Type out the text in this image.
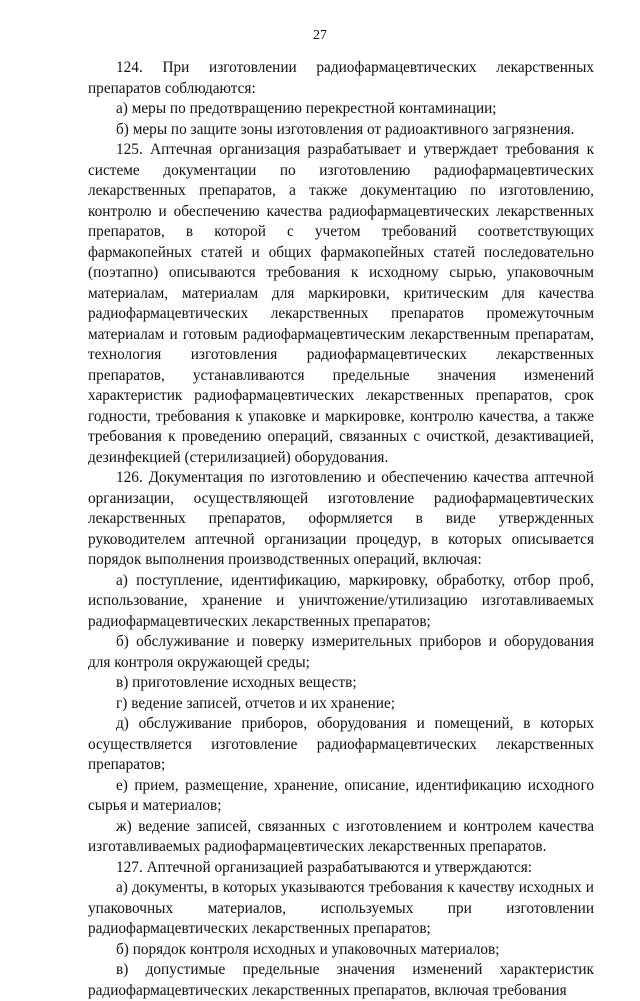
27

124. При изготовлении радиофармацевтических лекарственных препаратов соблюдаются:

а) меры по предотвращению перекрестной контаминации;

б) меры по защите зоны изготовления от радиоактивного загрязнения.

125. Аптечная организация разрабатывает и утверждает требования к системе документации по изготовлению радиофармацевтических лекарственных препаратов, а также документацию по изготовлению, контролю и обеспечению качества радиофармацевтических лекарственных препаратов, в которой с учетом требований соответствующих фармакопейных статей и общих фармакопейных статей последовательно (поэтапно) описываются требования к исходному сырью, упаковочным материалам, материалам для маркировки, критическим для качества радиофармацевтических лекарственных препаратов промежуточным материалам и готовым радиофармацевтическим лекарственным препаратам, технология изготовления радиофармацевтических лекарственных препаратов, устанавливаются предельные значения изменений характеристик радиофармацевтических лекарственных препаратов, срок годности, требования к упаковке и маркировке, контролю качества, а также требования к проведению операций, связанных с очисткой, дезактивацией, дезинфекцией (стерилизацией) оборудования.

126. Документация по изготовлению и обеспечению качества аптечной организации, осуществляющей изготовление радиофармацевтических лекарственных препаратов, оформляется в виде утвержденных руководителем аптечной организации процедур, в которых описывается порядок выполнения производственных операций, включая:

а) поступление, идентификацию, маркировку, обработку, отбор проб, использование, хранение и уничтожение/утилизацию изготавливаемых радиофармацевтических лекарственных препаратов;

б) обслуживание и поверку измерительных приборов и оборудования для контроля окружающей среды;

в) приготовление исходных веществ;

г) ведение записей, отчетов и их хранение;

д) обслуживание приборов, оборудования и помещений, в которых осуществляется изготовление радиофармацевтических лекарственных препаратов;

е) прием, размещение, хранение, описание, идентификацию исходного сырья и материалов;

ж) ведение записей, связанных с изготовлением и контролем качества изготавливаемых радиофармацевтических лекарственных препаратов.

127. Аптечной организацией разрабатываются и утверждаются:

а) документы, в которых указываются требования к качеству исходных и упаковочных материалов, используемых при изготовлении радиофармацевтических лекарственных препаратов;

б) порядок контроля исходных и упаковочных материалов;

в) допустимые предельные значения изменений характеристик радиофармацевтических лекарственных препаратов, включая требования
